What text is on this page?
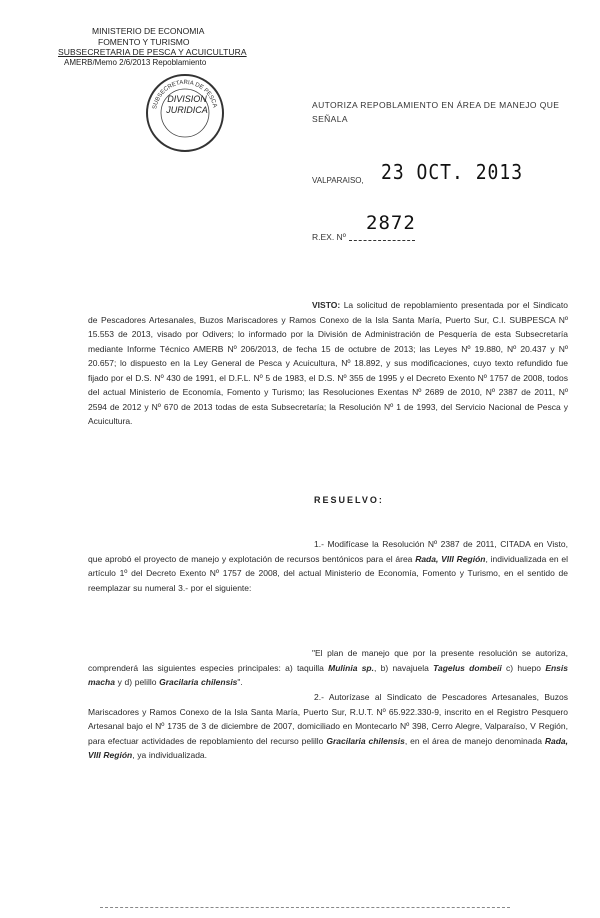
MINISTERIO DE ECONOMIA
FOMENTO Y TURISMO
SUBSECRETARIA DE PESCA Y ACUICULTURA
AMERB/Memo 2/6/2013 Repoblamiento
SUBSECRETARIA DE PESCA
DIVISION
JURIDICA	AUTORIZA REPOBLAMIENTO EN ÁREA DE MANEJO QUE SEÑALA
VALPARAISO, 23 OCT. 2013
2872
R.EX. Nº
VISTO: La solicitud de repoblamiento presentada por el Sindicato de Pescadores Artesanales, Buzos Mariscadores y Ramos Conexo de la Isla Santa María, Puerto Sur, C.I. SUBPESCA Nº 15.553 de 2013, visado por Odivers; lo informado por la División de Administración de Pesquería de esta Subsecretaría mediante Informe Técnico AMERB Nº 206/2013, de fecha 15 de octubre de 2013; las Leyes Nº 19.880, Nº 20.437 y Nº 20.657; lo dispuesto en la Ley General de Pesca y Acuicultura, Nº 18.892, y sus modificaciones, cuyo texto refundido fue fijado por el D.S. Nº 430 de 1991, el D.F.L. Nº 5 de 1983, el D.S. Nº 355 de 1995 y el Decreto Exento Nº 1757 de 2008, todos del actual Ministerio de Economía, Fomento y Turismo; las Resoluciones Exentas Nº 2689 de 2010, Nº 2387 de 2011, Nº 2594 de 2012 y Nº 670 de 2013 todas de esta Subsecretaría; la Resolución Nº 1 de 1993, del Servicio Nacional de Pesca y Acuicultura.
RESUELVO:
1.- Modifícase la Resolución Nº 2387 de 2011, CITADA en Visto, que aprobó el proyecto de manejo y explotación de recursos bentónicos para el área Rada, VIII Región, individualizada en el artículo 1º del Decreto Exento Nº 1757 de 2008, del actual Ministerio de Economía, Fomento y Turismo, en el sentido de reemplazar su numeral 3.- por el siguiente:
"El plan de manejo que por la presente resolución se autoriza, comprenderá las siguientes especies principales: a) taquilla Mulinia sp., b) navajuela Tagelus dombeii c) huepo Ensis macha y d) pelillo Gracilaria chilensis".
2.- Autorízase al Sindicato de Pescadores Artesanales, Buzos Mariscadores y Ramos Conexo de la Isla Santa María, Puerto Sur, R.U.T. Nº 65.922.330-9, inscrito en el Registro Pesquero Artesanal bajo el Nº 1735 de 3 de diciembre de 2007, domiciliado en Montecarlo Nº 398, Cerro Alegre, Valparaíso, V Región, para efectuar actividades de repoblamiento del recurso pelillo Gracilaria chilensis, en el área de manejo denominada Rada, VIII Región, ya individualizada.
